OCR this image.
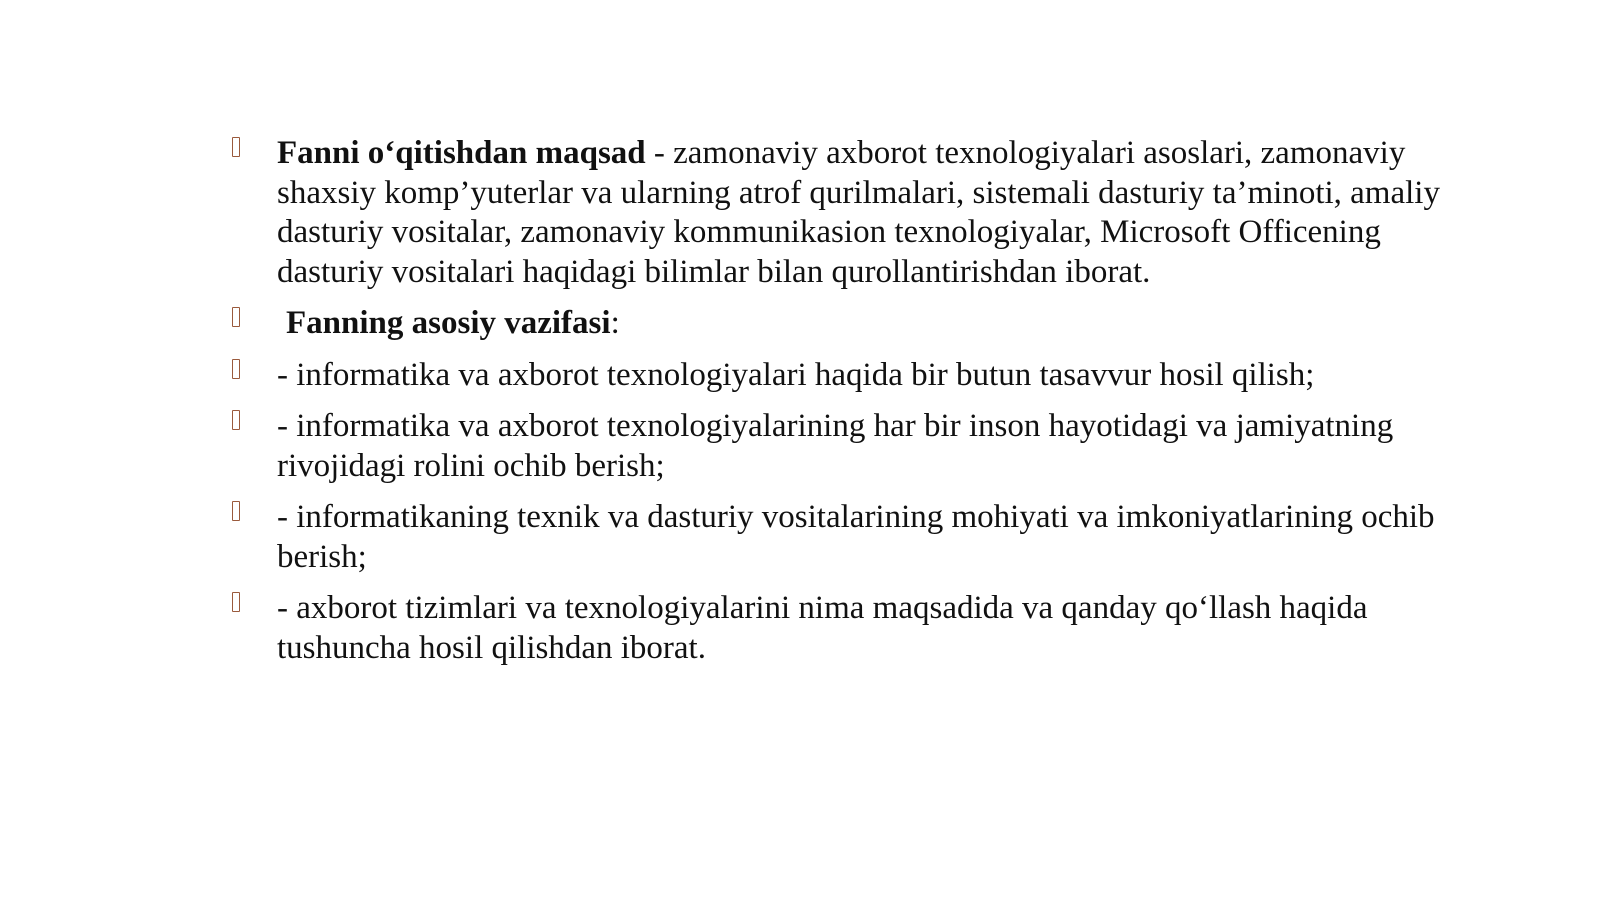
Fanni o‘qitishdan maqsad - zamonaviy axborot texnologiyalari asoslari, zamonaviy shaxsiy komp’yuterlar va ularning atrof qurilmalari, sistemali dasturiy ta’minoti, amaliy dasturiy vositalar, zamonaviy kommunikasion texnologiyalar, Microsoft Officening dasturiy vositalari haqidagi bilimlar bilan qurollantirishdan iborat.
Fanning asosiy vazifasi:
- informatika va axborot texnologiyalari haqida bir butun tasavvur hosil qilish;
- informatika va axborot texnologiyalarining har bir inson hayotidagi va jamiyatning rivojidagi rolini ochib berish;
- informatikaning texnik va dasturiy vositalarining mohiyati va imkoniyatlarining ochib berish;
- axborot tizimlari va texnologiyalarini nima maqsadida va qanday qo‘llash haqida tushuncha hosil qilishdan iborat.
